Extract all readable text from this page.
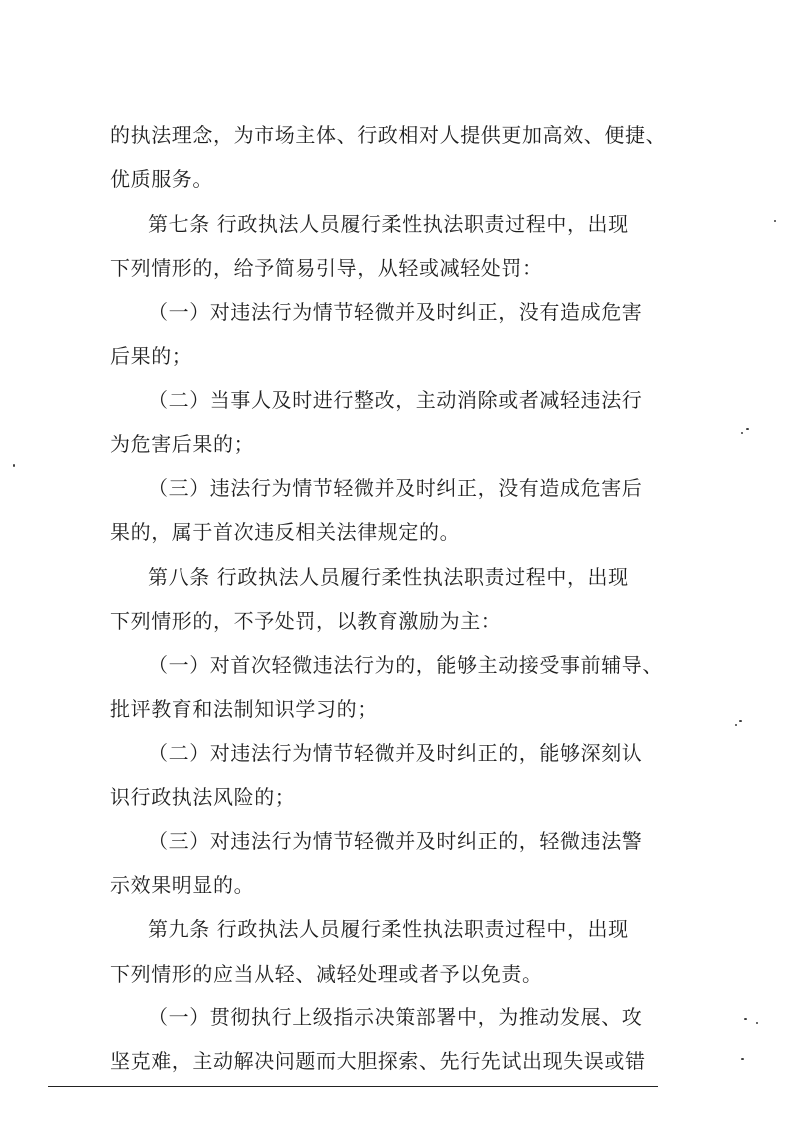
的执法理念，为市场主体、行政相对人提供更加高效、便捷、
优质服务。
第七条 行政执法人员履行柔性执法职责过程中，出现
下列情形的，给予简易引导，从轻或减轻处罚：
（一）对违法行为情节轻微并及时纠正，没有造成危害
后果的；
（二）当事人及时进行整改，主动消除或者减轻违法行
为危害后果的；
（三）违法行为情节轻微并及时纠正，没有造成危害后
果的，属于首次违反相关法律规定的。
第八条 行政执法人员履行柔性执法职责过程中，出现
下列情形的，不予处罚，以教育激励为主：
（一）对首次轻微违法行为的，能够主动接受事前辅导、
批评教育和法制知识学习的；
（二）对违法行为情节轻微并及时纠正的，能够深刻认
识行政执法风险的；
（三）对违法行为情节轻微并及时纠正的，轻微违法警
示效果明显的。
第九条 行政执法人员履行柔性执法职责过程中，出现
下列情形的应当从轻、减轻处理或者予以免责。
（一）贯彻执行上级指示决策部署中，为推动发展、攻
坚克难，主动解决问题而大胆探索、先行先试出现失误或错
